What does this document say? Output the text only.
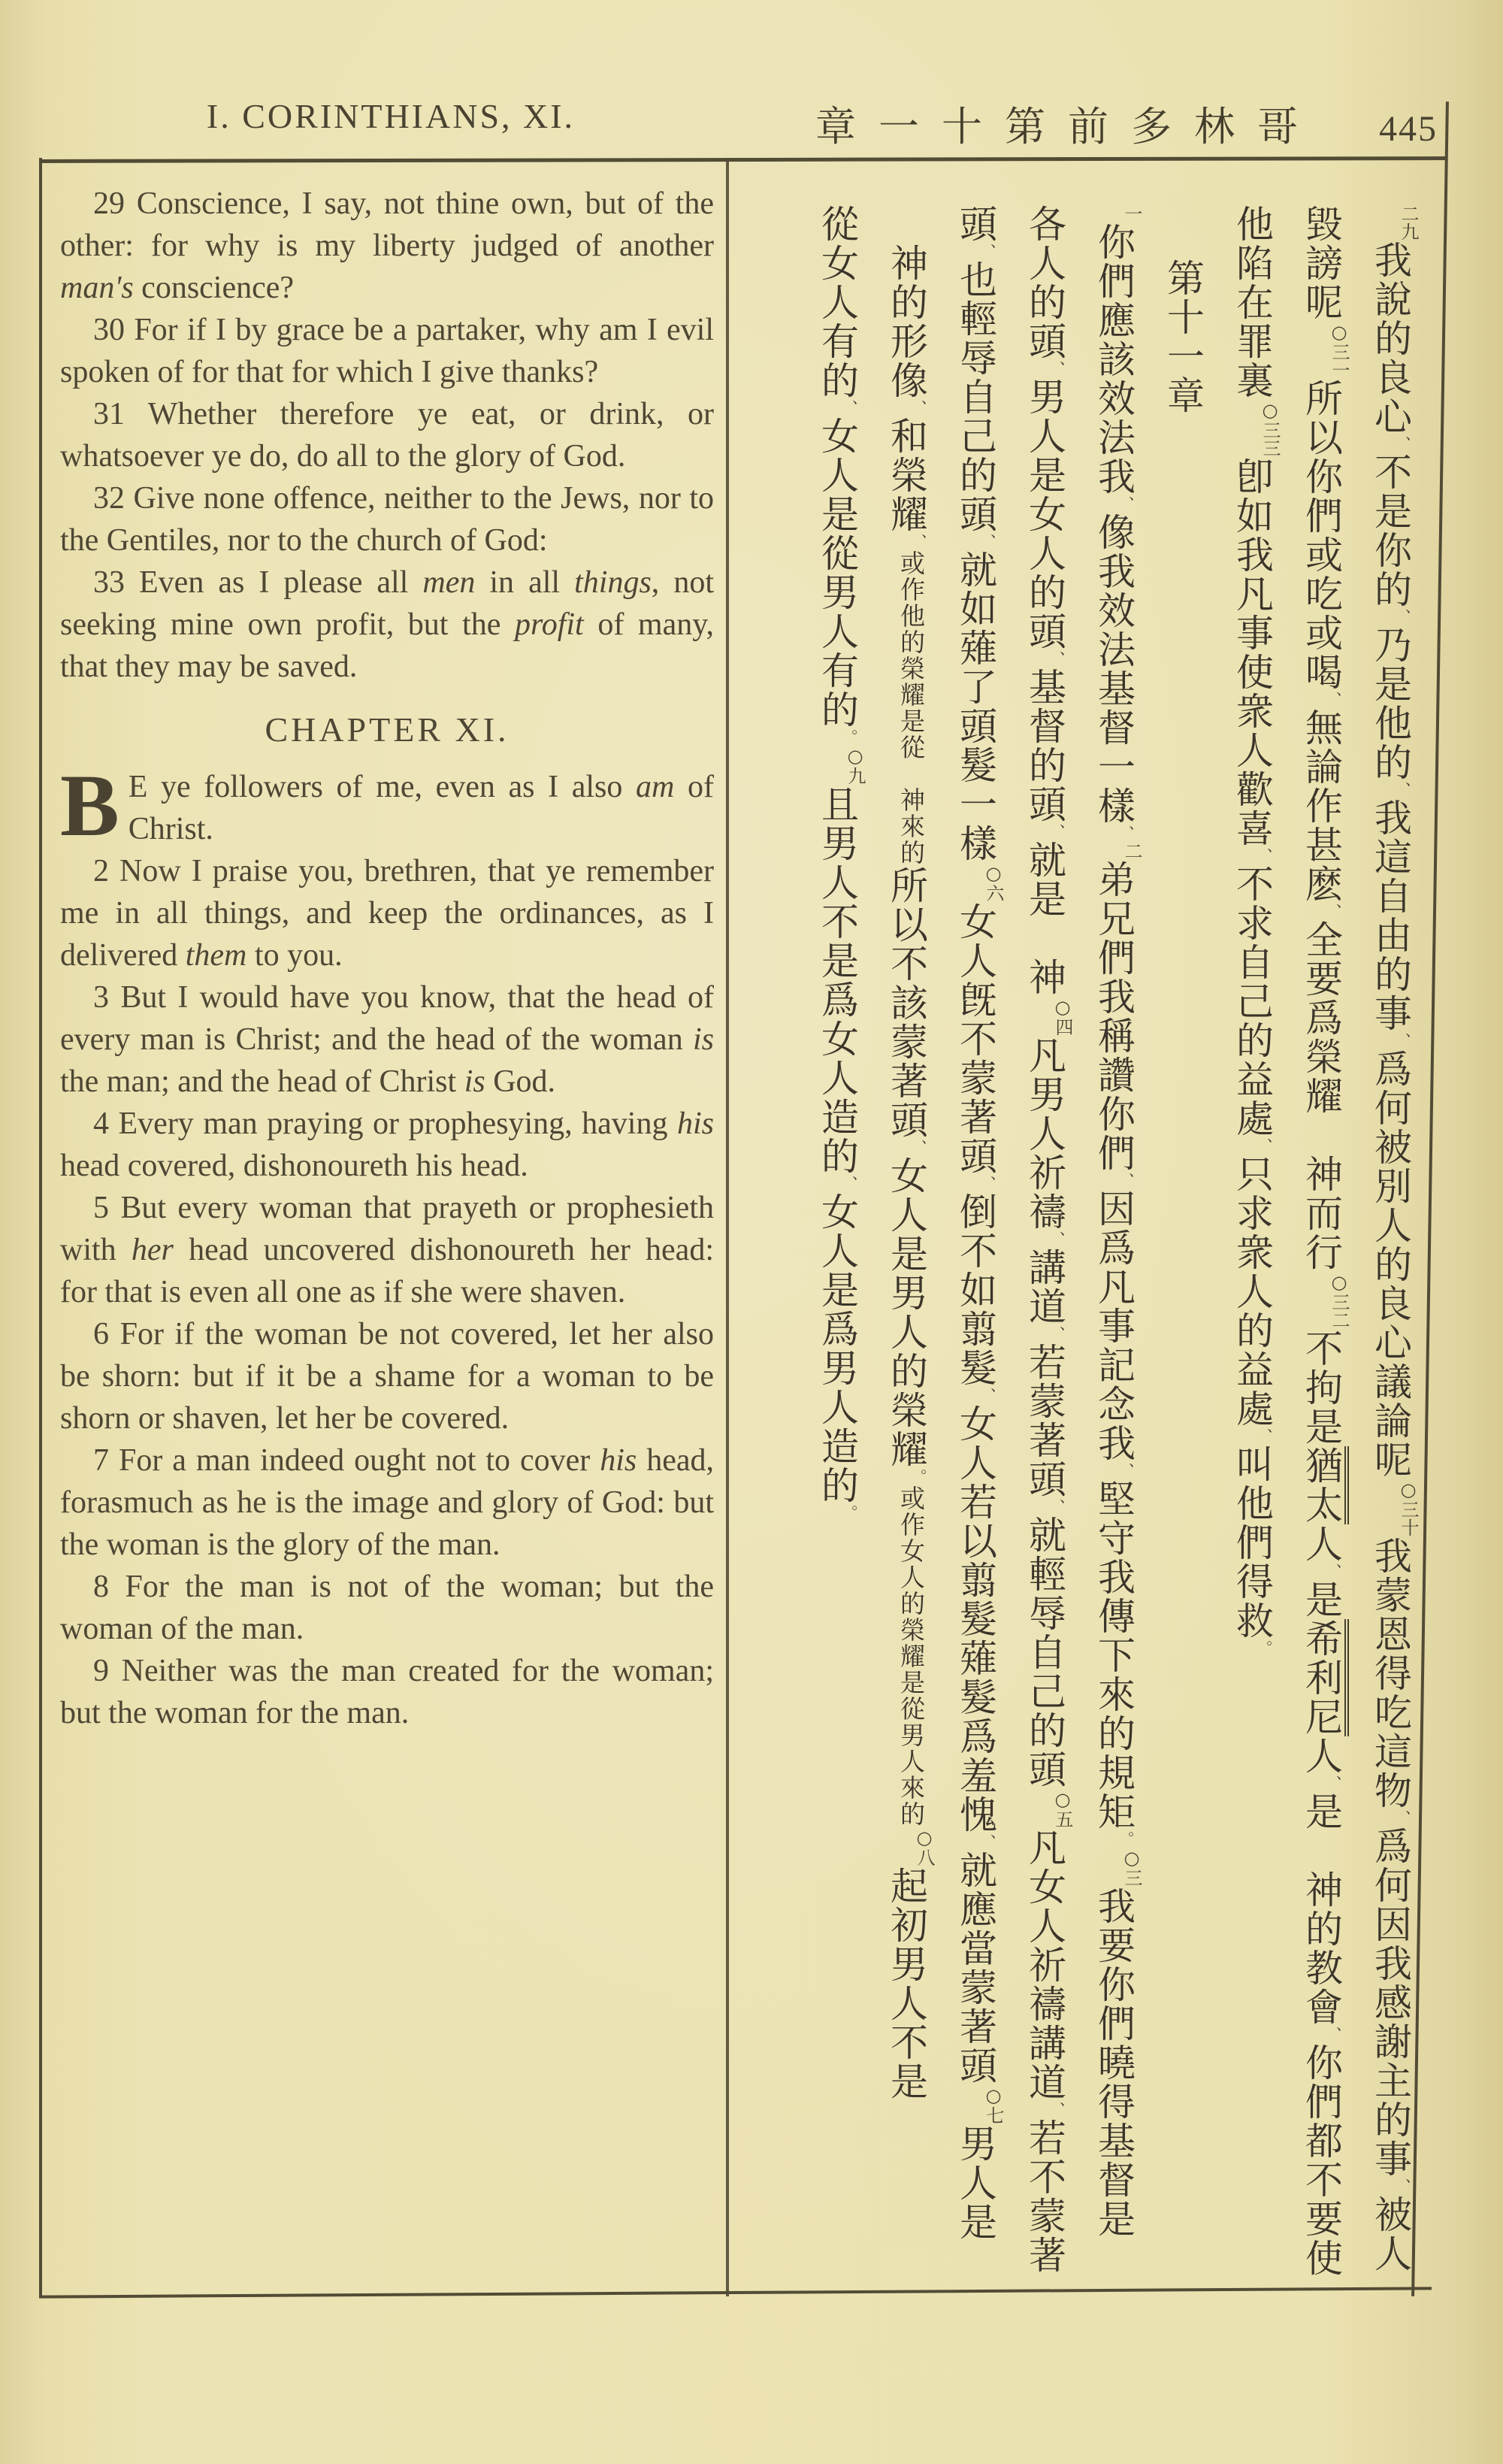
I. CORINTHIANS, XI.	章一十第前多林哥 445

29 Conscience, I say, not thine own, but of the other: for why is my liberty judged of another man's conscience?

30 For if I by grace be a partaker, why am I evil spoken of for that for which I give thanks?

31 Whether therefore ye eat, or drink, or whatsoever ye do, do all to the glory of God.

32 Give none offence, neither to the Jews, nor to the Gentiles, nor to the church of God:

33 Even as I please all men in all things, not seeking mine own profit, but the profit of many, that they may be saved.

CHAPTER XI.

B E ye followers of me, even as I also am of Christ.

2 Now I praise you, brethren, that ye remember me in all things, and keep the ordinances, as I delivered them to you.

3 But I would have you know, that the head of every man is Christ; and the head of the woman is the man; and the head of Christ is God.

4 Every man praying or prophesying, having his head covered, dishonoureth his head.

5 But every woman that prayeth or prophesieth with her head uncovered dishonoureth her head: for that is even all one as if she were shaven.

6 For if the woman be not covered, let her also be shorn: but if it be a shame for a woman to be shorn or shaven, let her be covered.

7 For a man indeed ought not to cover his head, forasmuch as he is the image and glory of God: but the woman is the glory of the man.

8 For the man is not of the woman; but the woman of the man.

9 Neither was the man created for the woman; but the woman for the man.

二九我說的良心、不是你的、乃是他的、我這自由的事、爲何被別人的良心議論呢○三十我蒙恩得吃這物、爲何因我感謝主的事、被人
毀謗呢○三一所以你們或吃或喝、無論作甚麽、全要爲榮耀　神而行○三二不拘是猶太人、是希利尼人、是　神的教會、你們都不要使
他陷在罪裏○三三卽如我凡事使衆人歡喜、不求自己的益處、只求衆人的益處、叫他們得救。
第十一章
一你們應該效法我、像我效法基督一樣、二弟兄們我稱讚你們、因爲凡事記念我、堅守我傳下來的規矩。○三我要你們曉得基督是
各人的頭、男人是女人的頭、基督的頭、就是　神○四凡男人祈禱、講道、若蒙著頭、就輕辱自己的頭○五凡女人祈禱講道、若不蒙著
頭、也輕辱自己的頭、就如薙了頭髮一樣○六女人旣不蒙著頭、倒不如翦髮、女人若以翦髮薙髮爲羞愧、就應當蒙著頭○七男人是
　神的形像、和榮耀、或作他的榮耀是從　神來的所以不該蒙著頭、女人是男人的榮耀。或作女人的榮耀是從男人來的○八起初男人不是
從女人有的、女人是從男人有的。○九且男人不是爲女人造的、女人是爲男人造的。
